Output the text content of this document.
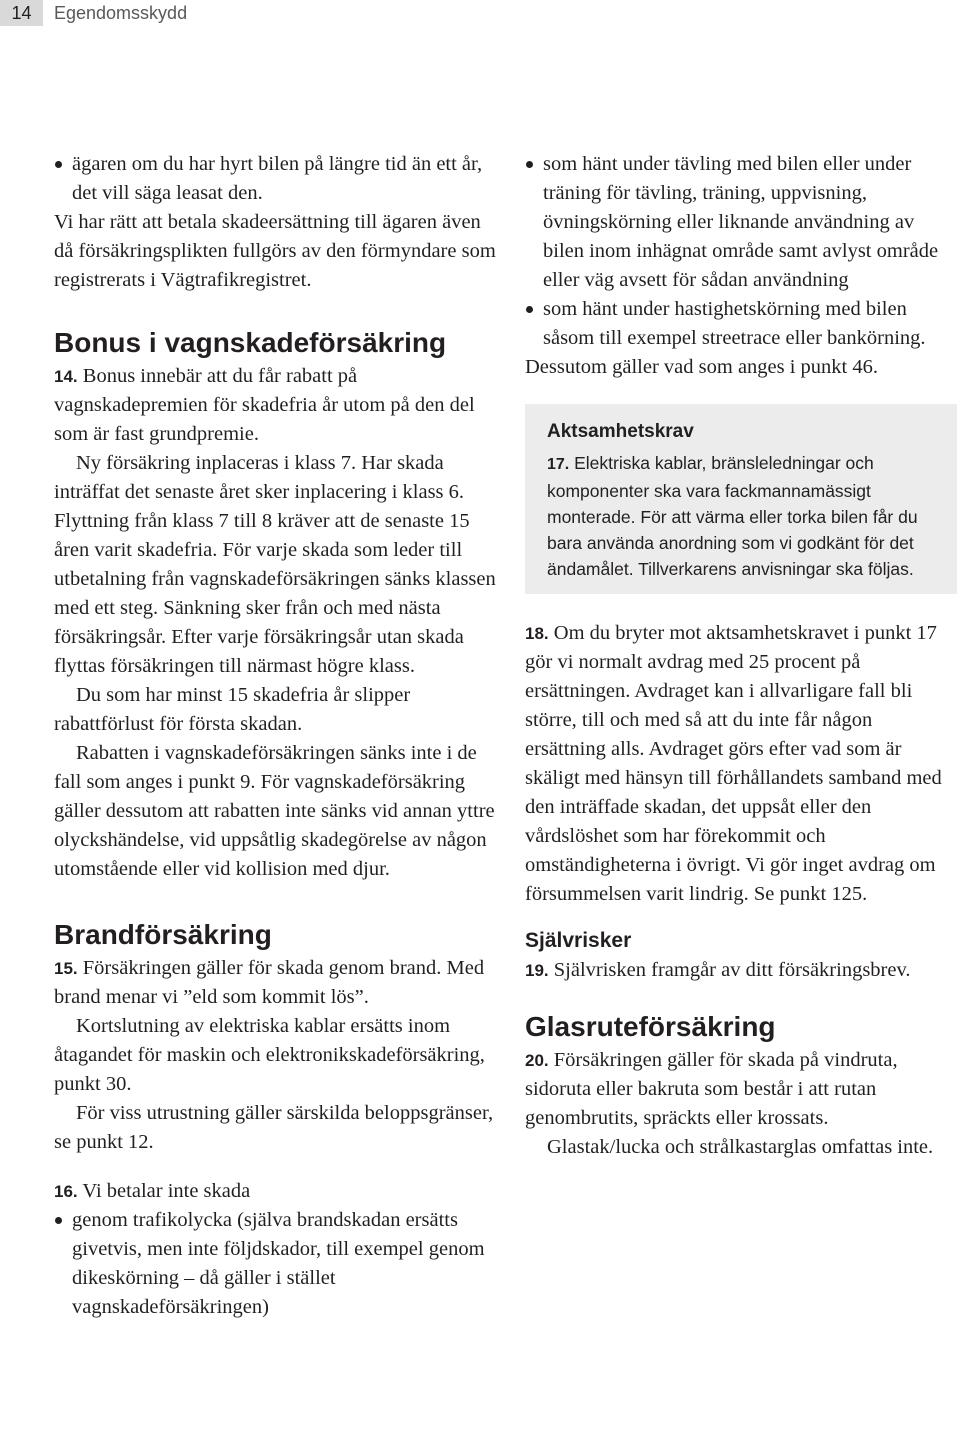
14	Egendomsskydd
ägaren om du har hyrt bilen på längre tid än ett år, det vill säga leasat den.

Vi har rätt att betala skadeersättning till ägaren även då försäkringsplikten fullgörs av den förmyndare som registrerats i Vägtrafikregistret.

Bonus i vagnskadeförsäkring

14. Bonus innebär att du får rabatt på vagnskadepremien för skadefria år utom på den del som är fast grundpremie.

Ny försäkring inplaceras i klass 7. Har skada inträffat det senaste året sker inplacering i klass 6. Flyttning från klass 7 till 8 kräver att de senaste 15 åren varit skadefria. För varje skada som leder till utbetalning från vagnskadeförsäkringen sänks klassen med ett steg. Sänkning sker från och med nästa försäkringsår. Efter varje försäkringsår utan skada flyttas försäkringen till närmast högre klass.

Du som har minst 15 skadefria år slipper rabattförlust för första skadan.

Rabatten i vagnskadeförsäkringen sänks inte i de fall som anges i punkt 9. För vagnskadeförsäkring gäller dessutom att rabatten inte sänks vid annan yttre olyckshändelse, vid uppsåtlig skadegörelse av någon utomstående eller vid kollision med djur.

Brandförsäkring

15. Försäkringen gäller för skada genom brand. Med brand menar vi ”eld som kommit lös”.

Kortslutning av elektriska kablar ersätts inom åtagandet för maskin och elektronikskadeförsäkring, punkt 30.

För viss utrustning gäller särskilda beloppsgränser, se punkt 12.

16. Vi betalar inte skada

genom trafikolycka (själva brandskadan ersätts givetvis, men inte följdskador, till exempel genom dikeskörning – då gäller i stället vagnskadeförsäkringen)
som hänt under tävling med bilen eller under träning för tävling, träning, uppvisning, övningskörning eller liknande användning av bilen inom inhägnat område samt avlyst område eller väg avsett för sådan användning
som hänt under hastighetskörning med bilen såsom till exempel streetrace eller bankörning.

Dessutom gäller vad som anges i punkt 46.

Aktsamhetskrav

17. Elektriska kablar, bränsleledningar och komponenter ska vara fackmannamässigt monterade. För att värma eller torka bilen får du bara använda anordning som vi godkänt för det ändamålet. Tillverkarens anvisningar ska följas.

18. Om du bryter mot aktsamhetskravet i punkt 17 gör vi normalt avdrag med 25 procent på ersättningen. Avdraget kan i allvarligare fall bli större, till och med så att du inte får någon ersättning alls. Avdraget görs efter vad som är skäligt med hänsyn till förhållandets samband med den inträffade skadan, det uppsåt eller den vårdslöshet som har förekommit och omständigheterna i övrigt. Vi gör inget avdrag om försummelsen varit lindrig. Se punkt 125.

Självrisker

19. Självrisken framgår av ditt försäkringsbrev.

Glasruteförsäkring

20. Försäkringen gäller för skada på vindruta, sidoruta eller bakruta som består i att rutan genombrutits, spräckts eller krossats.

Glastak/lucka och strålkastarglas omfattas inte.
